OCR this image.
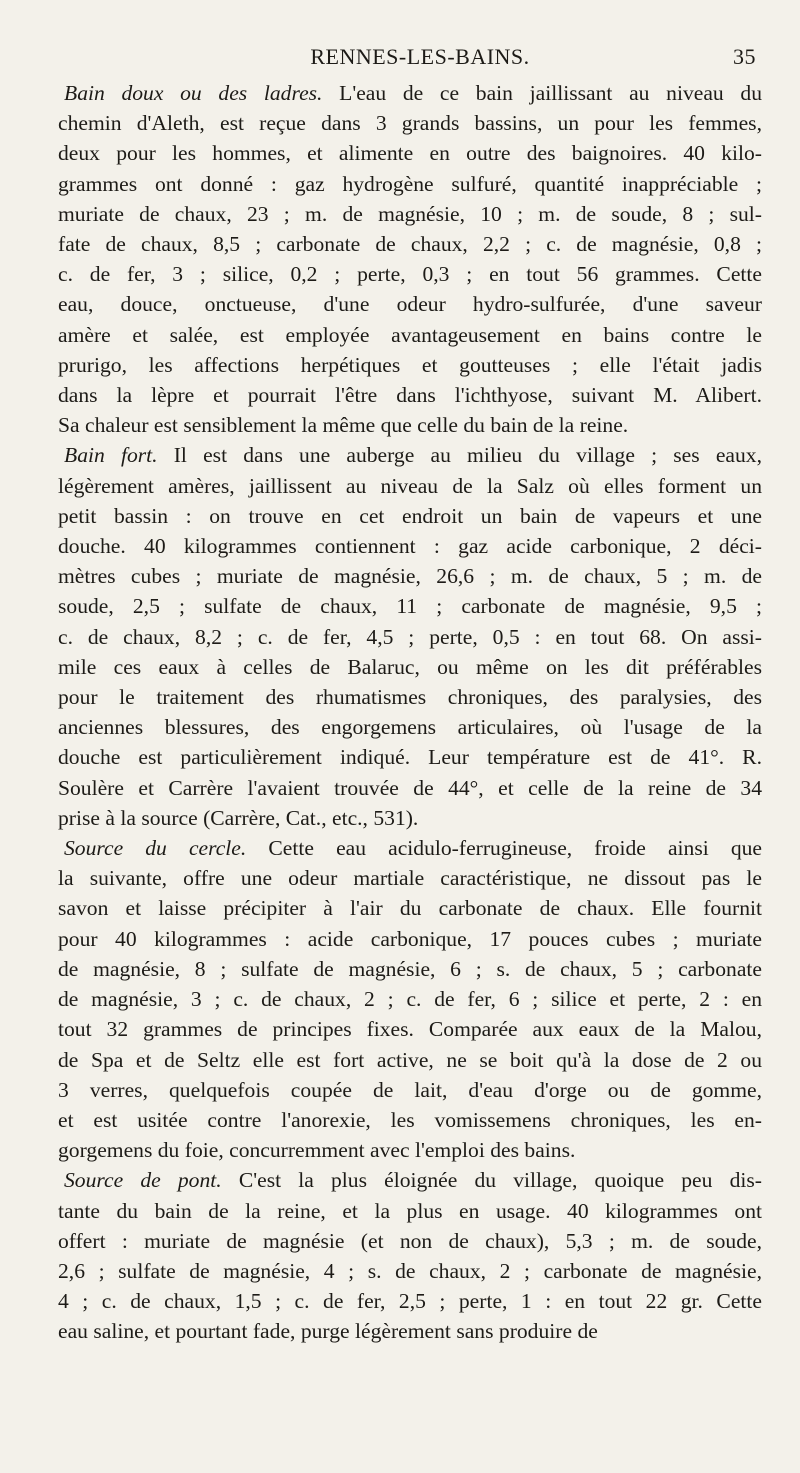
RENNES-LES-BAINS.	35
Bain doux ou des ladres. L'eau de ce bain jaillissant au niveau du
chemin d'Aleth, est reçue dans 3 grands bassins, un pour les femmes,
deux pour les hommes, et alimente en outre des baignoires. 40 kilo-
grammes ont donné : gaz hydrogène sulfuré, quantité inappréciable ;
muriate de chaux, 23 ; m. de magnésie, 10 ; m. de soude, 8 ; sul-
fate de chaux, 8,5 ; carbonate de chaux, 2,2 ; c. de magnésie, 0,8 ;
c. de fer, 3 ; silice, 0,2 ; perte, 0,3 ; en tout 56 grammes. Cette
eau, douce, onctueuse, d'une odeur hydro-sulfurée, d'une saveur
amère et salée, est employée avantageusement en bains contre le
prurigo, les affections herpétiques et goutteuses ; elle l'était jadis
dans la lèpre et pourrait l'être dans l'ichthyose, suivant M. Alibert.
Sa chaleur est sensiblement la même que celle du bain de la reine.
Bain fort. Il est dans une auberge au milieu du village ; ses eaux,
légèrement amères, jaillissent au niveau de la Salz où elles forment un
petit bassin : on trouve en cet endroit un bain de vapeurs et une
douche. 40 kilogrammes contiennent : gaz acide carbonique, 2 déci-
mètres cubes ; muriate de magnésie, 26,6 ; m. de chaux, 5 ; m. de
soude, 2,5 ; sulfate de chaux, 11 ; carbonate de magnésie, 9,5 ;
c. de chaux, 8,2 ; c. de fer, 4,5 ; perte, 0,5 : en tout 68. On assi-
mile ces eaux à celles de Balaruc, ou même on les dit préférables
pour le traitement des rhumatismes chroniques, des paralysies, des
anciennes blessures, des engorgemens articulaires, où l'usage de la
douche est particulièrement indiqué. Leur température est de 41°. R.
Soulère et Carrère l'avaient trouvée de 44°, et celle de la reine de 34
prise à la source (Carrère, Cat., etc., 531).
Source du cercle. Cette eau acidulo-ferrugineuse, froide ainsi que
la suivante, offre une odeur martiale caractéristique, ne dissout pas le
savon et laisse précipiter à l'air du carbonate de chaux. Elle fournit
pour 40 kilogrammes : acide carbonique, 17 pouces cubes ; muriate
de magnésie, 8 ; sulfate de magnésie, 6 ; s. de chaux, 5 ; carbonate
de magnésie, 3 ; c. de chaux, 2 ; c. de fer, 6 ; silice et perte, 2 : en
tout 32 grammes de principes fixes. Comparée aux eaux de la Malou,
de Spa et de Seltz elle est fort active, ne se boit qu'à la dose de 2 ou
3 verres, quelquefois coupée de lait, d'eau d'orge ou de gomme,
et est usitée contre l'anorexie, les vomissemens chroniques, les en-
gorgemens du foie, concurremment avec l'emploi des bains.
Source de pont. C'est la plus éloignée du village, quoique peu dis-
tante du bain de la reine, et la plus en usage. 40 kilogrammes ont
offert : muriate de magnésie (et non de chaux), 5,3 ; m. de soude,
2,6 ; sulfate de magnésie, 4 ; s. de chaux, 2 ; carbonate de magnésie,
4 ; c. de chaux, 1,5 ; c. de fer, 2,5 ; perte, 1 : en tout 22 gr. Cette
eau saline, et pourtant fade, purge légèrement sans produire de
